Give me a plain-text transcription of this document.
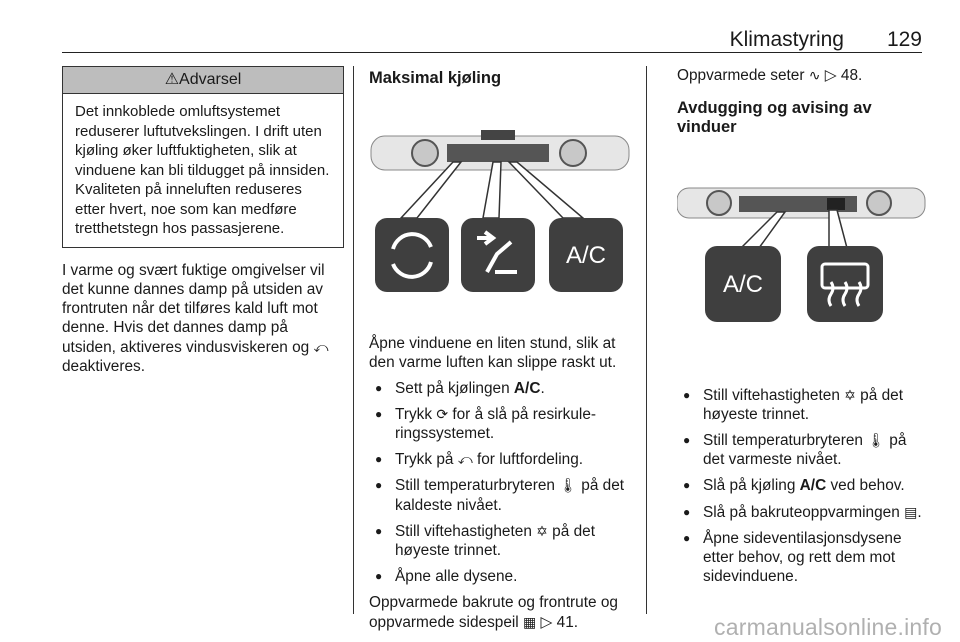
Klimastyring 129
⚠Advarsel
Det innkoblede omluftsystemet reduserer luftutvekslingen. I drift uten kjøling øker luftfuktigheten, slik at vinduene kan bli tildugget på innsiden. Kvaliteten på inneluften reduseres etter hvert, noe som kan medføre tretthetstegn hos passasjerene.

I varme og svært fuktige omgivelser vil det kunne dannes damp på utsiden av frontruten når det tilføres kald luft mot denne. Hvis det dannes damp på utsiden, aktiveres vindusviskeren og ⤺ deaktiveres.

Maksimal kjøling
A/C

Åpne vinduene en liten stund, slik at den varme luften kan slippe raskt ut.

● Sett på kjølingen A/C.
● Trykk ⟳ for å slå på resirkuleringssystemet.
● Trykk på ⤺ for luftfordeling.
● Still temperaturbryteren 🌡 på det kaldeste nivået.
● Still viftehastigheten ✡ på det høyeste trinnet.
● Åpne alle dysene.

Oppvarmede bakrute og frontrute og oppvarmede sidespeil ▦ ▷ 41.

Oppvarmede seter ∿ ▷ 48.

Avdugging og avising av vinduer
A/C
● Still viftehastigheten ✡ på det høyeste trinnet.
● Still temperaturbryteren 🌡 på det varmeste nivået.
● Slå på kjøling A/C ved behov.
● Slå på bakruteoppvarmingen ▤.
● Åpne sideventilasjonsdysene etter behov, og rett dem mot sidevinduene.
carmanualsonline.info
